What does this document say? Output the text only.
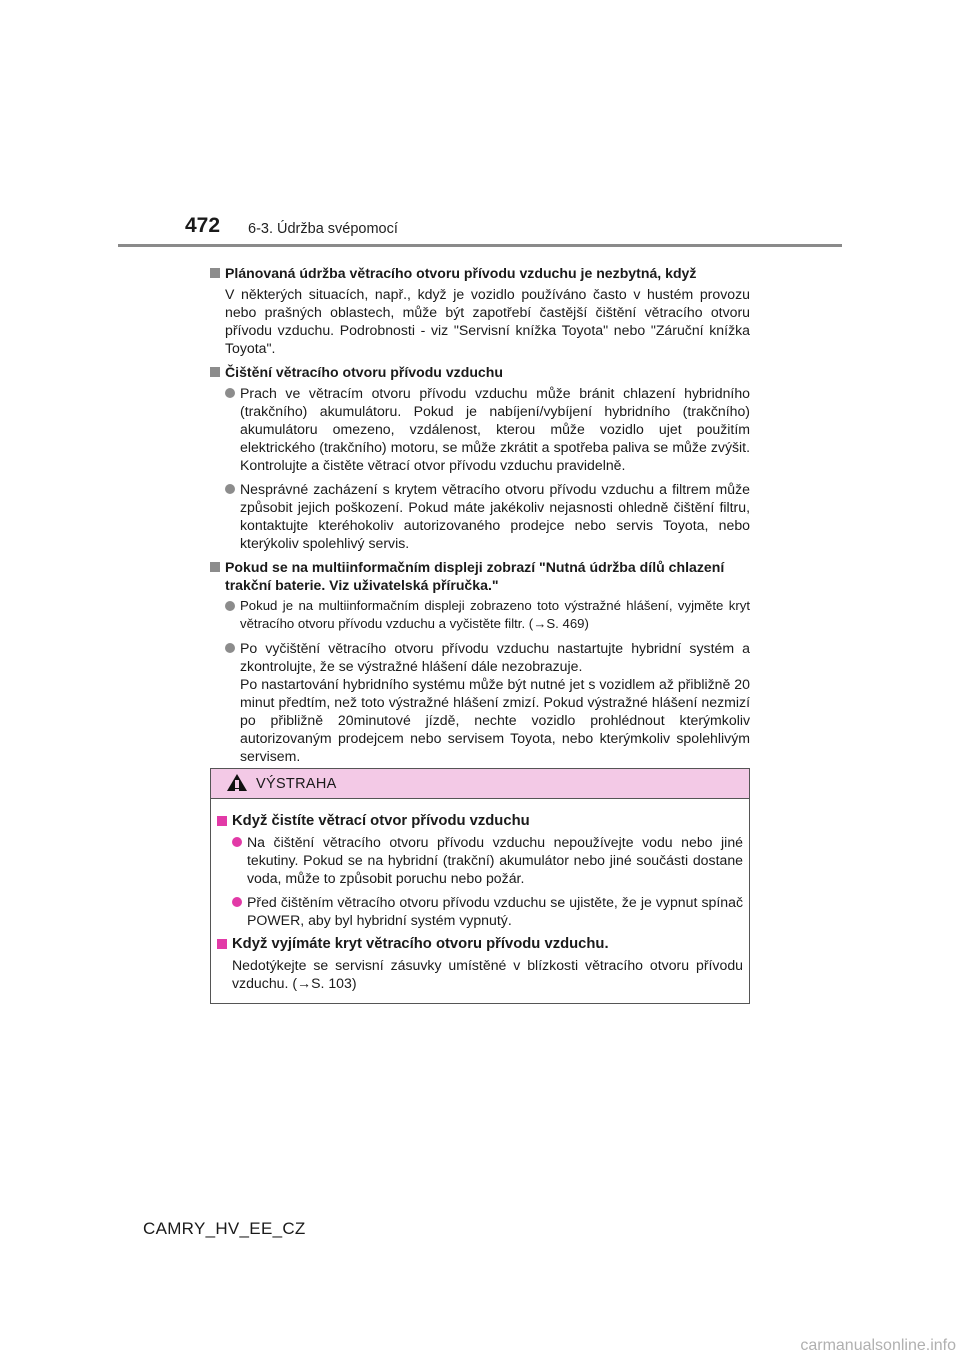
472 6-3. Údržba svépomocí
Plánovaná údržba větracího otvoru přívodu vzduchu je nezbytná, když
V některých situacích, např., když je vozidlo používáno často v hustém provozu nebo prašných oblastech, může být zapotřebí častější čištění větracího otvoru přívodu vzduchu. Podrobnosti - viz "Servisní knížka Toyota" nebo "Záruční knížka Toyota".
Čištění větracího otvoru přívodu vzduchu
Prach ve větracím otvoru přívodu vzduchu může bránit chlazení hybridního (trakčního) akumulátoru. Pokud je nabíjení/vybíjení hybridního (trakčního) akumulátoru omezeno, vzdálenost, kterou může vozidlo ujet použitím elektrického (trakčního) motoru, se může zkrátit a spotřeba paliva se může zvýšit. Kontrolujte a čistěte větrací otvor přívodu vzduchu pravidelně.
Nesprávné zacházení s krytem větracího otvoru přívodu vzduchu a filtrem může způsobit jejich poškození. Pokud máte jakékoliv nejasnosti ohledně čištění filtru, kontaktujte kteréhokoliv autorizovaného prodejce nebo servis Toyota, nebo kterýkoliv spolehlivý servis.
Pokud se na multiinformačním displeji zobrazí "Nutná údržba dílů chlazení trakční baterie. Viz uživatelská příručka."
Pokud je na multiinformačním displeji zobrazeno toto výstražné hlášení, vyjměte kryt větracího otvoru přívodu vzduchu a vyčistěte filtr. (→S. 469)
Po vyčištění větracího otvoru přívodu vzduchu nastartujte hybridní systém a zkontrolujte, že se výstražné hlášení dále nezobrazuje.
Po nastartování hybridního systému může být nutné jet s vozidlem až přibližně 20 minut předtím, než toto výstražné hlášení zmizí. Pokud výstražné hlášení nezmizí po přibližně 20minutové jízdě, nechte vozidlo prohlédnout kterýmkoliv autorizovaným prodejcem nebo servisem Toyota, nebo kterýmkoliv spolehlivým servisem.
VÝSTRAHA
Když čistíte větrací otvor přívodu vzduchu
Na čištění větracího otvoru přívodu vzduchu nepoužívejte vodu nebo jiné tekutiny. Pokud se na hybridní (trakční) akumulátor nebo jiné součásti dostane voda, může to způsobit poruchu nebo požár.
Před čištěním větracího otvoru přívodu vzduchu se ujistěte, že je vypnut spínač POWER, aby byl hybridní systém vypnutý.
Když vyjímáte kryt větracího otvoru přívodu vzduchu.
Nedotýkejte se servisní zásuvky umístěné v blízkosti větracího otvoru přívodu vzduchu. (→S. 103)
CAMRY_HV_EE_CZ
carmanualsonline.info
